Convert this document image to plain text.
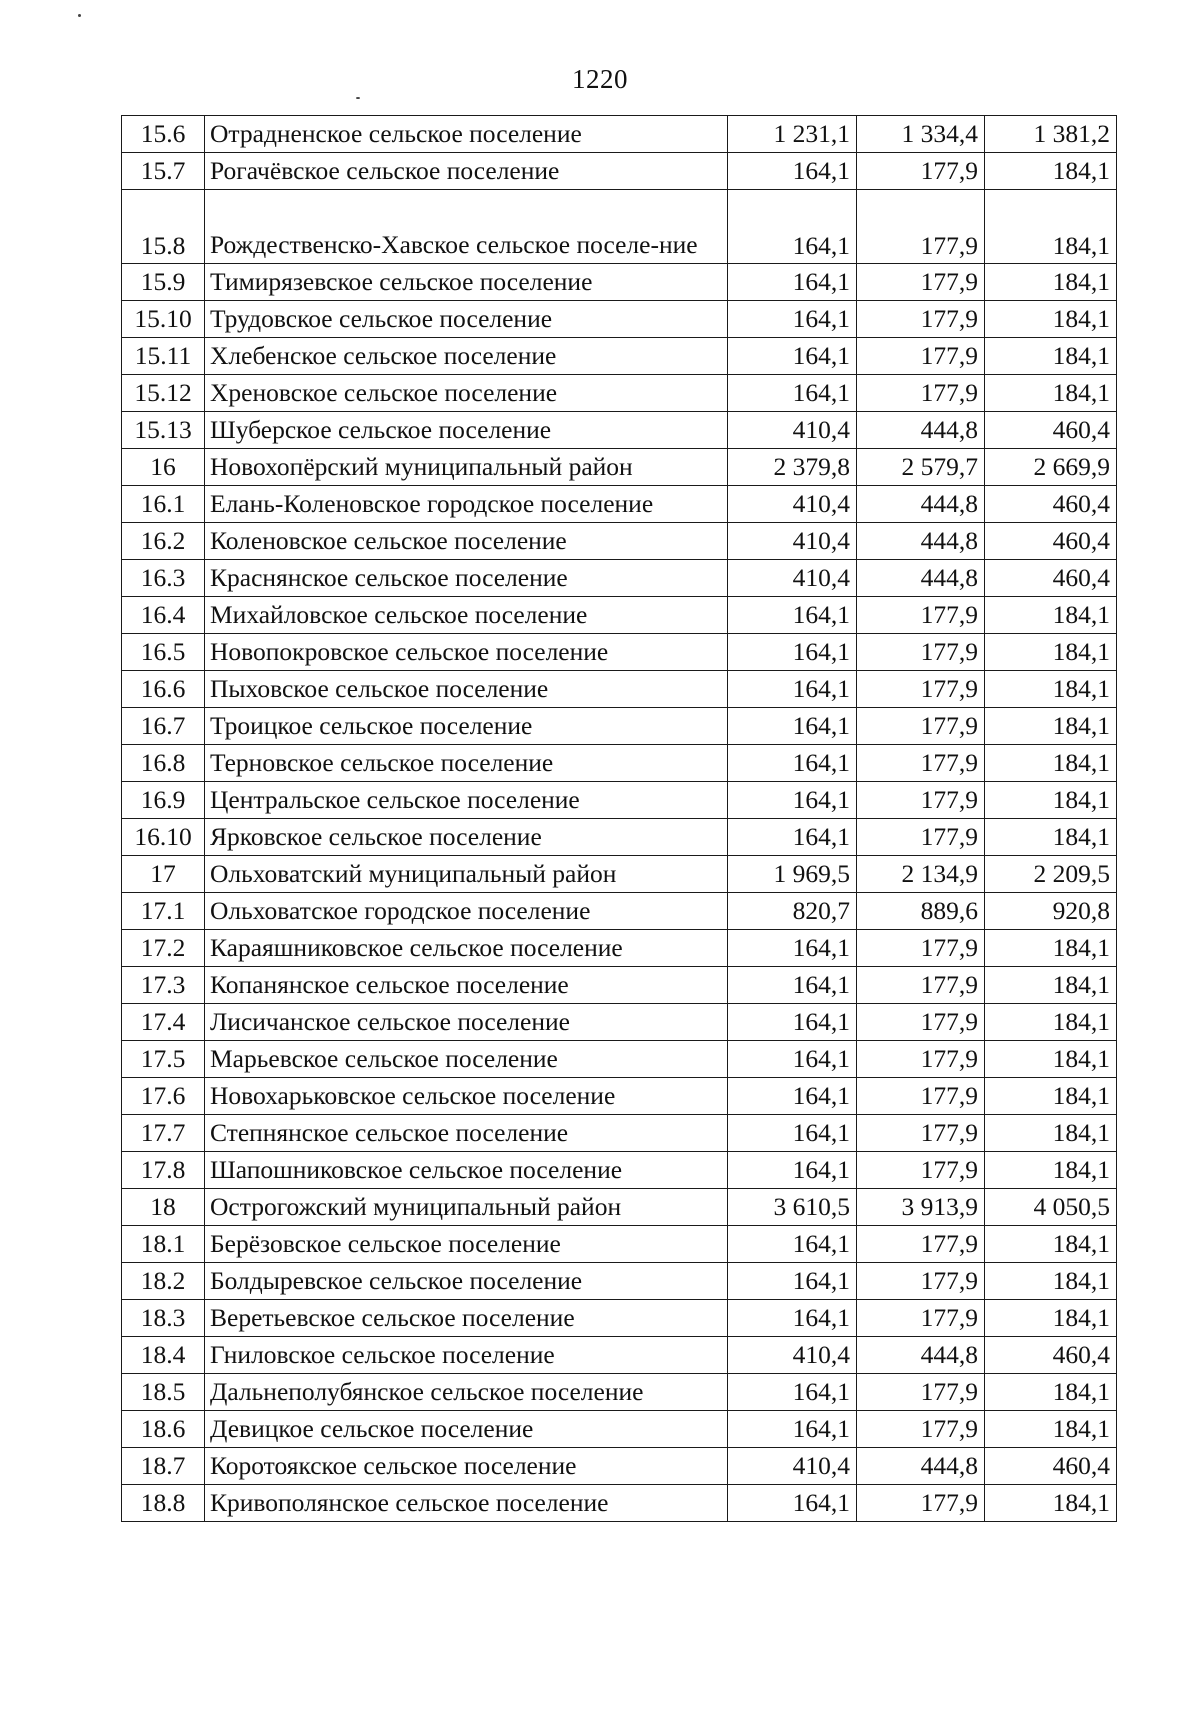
1220
15.6	Отрадненское сельское поселение	1 231,1	1 334,4	1 381,2
15.7	Рогачёвское сельское поселение	164,1	177,9	184,1
15.8	Рождественско-Хавское сельское поселе-ние	164,1	177,9	184,1
15.9	Тимирязевское сельское поселение	164,1	177,9	184,1
15.10	Трудовское сельское поселение	164,1	177,9	184,1
15.11	Хлебенское сельское поселение	164,1	177,9	184,1
15.12	Хреновское сельское поселение	164,1	177,9	184,1
15.13	Шуберское сельское поселение	410,4	444,8	460,4
16	Новохопёрский муниципальный район	2 379,8	2 579,7	2 669,9
16.1	Елань-Коленовское городское поселение	410,4	444,8	460,4
16.2	Коленовское сельское поселение	410,4	444,8	460,4
16.3	Краснянское сельское поселение	410,4	444,8	460,4
16.4	Михайловское сельское поселение	164,1	177,9	184,1
16.5	Новопокровское сельское поселение	164,1	177,9	184,1
16.6	Пыховское сельское поселение	164,1	177,9	184,1
16.7	Троицкое сельское поселение	164,1	177,9	184,1
16.8	Терновское сельское поселение	164,1	177,9	184,1
16.9	Центральское сельское поселение	164,1	177,9	184,1
16.10	Ярковское сельское поселение	164,1	177,9	184,1
17	Ольховатский муниципальный район	1 969,5	2 134,9	2 209,5
17.1	Ольховатское городское поселение	820,7	889,6	920,8
17.2	Караяшниковское сельское поселение	164,1	177,9	184,1
17.3	Копанянское сельское поселение	164,1	177,9	184,1
17.4	Лисичанское сельское поселение	164,1	177,9	184,1
17.5	Марьевское сельское поселение	164,1	177,9	184,1
17.6	Новохарьковское сельское поселение	164,1	177,9	184,1
17.7	Степнянское сельское поселение	164,1	177,9	184,1
17.8	Шапошниковское сельское поселение	164,1	177,9	184,1
18	Острогожский муниципальный район	3 610,5	3 913,9	4 050,5
18.1	Берёзовское сельское поселение	164,1	177,9	184,1
18.2	Болдыревское сельское поселение	164,1	177,9	184,1
18.3	Веретьевское сельское поселение	164,1	177,9	184,1
18.4	Гниловское сельское поселение	410,4	444,8	460,4
18.5	Дальнеполубянское сельское поселение	164,1	177,9	184,1
18.6	Девицкое сельское поселение	164,1	177,9	184,1
18.7	Коротоякское сельское поселение	410,4	444,8	460,4
18.8	Кривополянское сельское поселение	164,1	177,9	184,1
